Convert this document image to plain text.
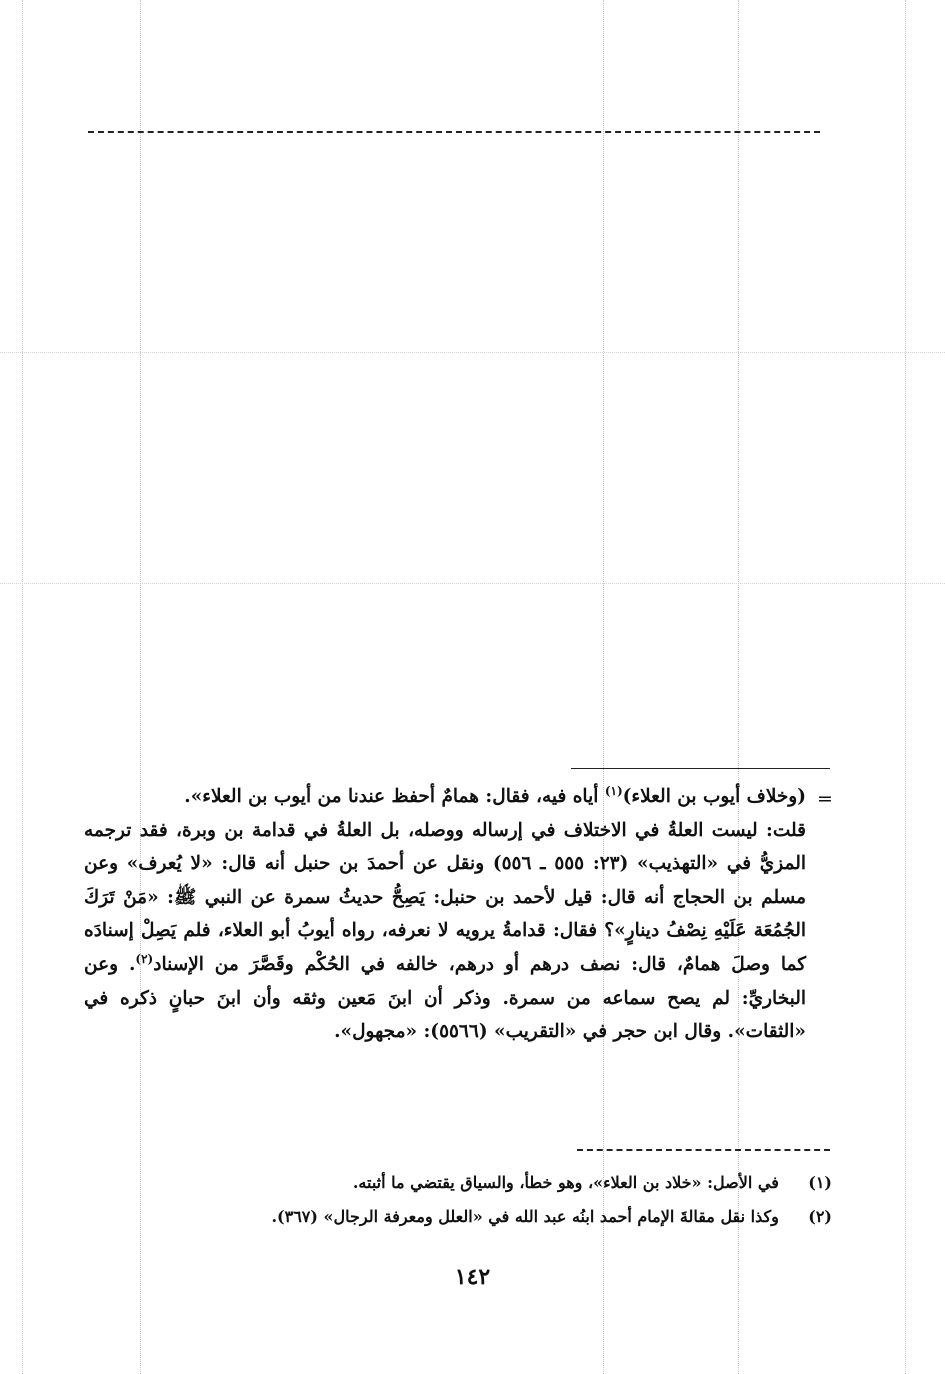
=

(وخلاف أيوب بن العلاء)$^{(١)}$ أياه فيه، فقال: همامٌ أحفظ عندنا من أيوب بن العلاء».

قلت: ليست العلةُ في الاختلاف في إرساله ووصله، بل العلةُ في قدامة بن وبرة، فقد ترجمه المزيُّ في «التهذيب» (٢٣: ٥٥٥ ـ ٥٥٦) ونقل عن أحمدَ بن حنبل أنه قال: «لا يُعرف» وعن مسلم بن الحجاج أنه قال: قيل لأحمد بن حنبل: يَصِحُّ حديثُ سمرة عن النبي ﷺ: «مَنْ تَرَكَ الجُمُعَة عَلَيْهِ نِصْفُ دينارٍ»؟ فقال: قدامةُ يرويه لا نعرفه، رواه أيوبُ أبو العلاء، فلم يَصِلْ إسنادَه كما وصلَ همامٌ، قال: نصف درهم أو درهم، خالفه في الحُكْم وقَصَّرَ من الإسناد$^{(٢)}$. وعن البخاريِّ: لم يصح سماعه من سمرة. وذكر أن ابنَ مَعين وثقه وأن ابنَ حبانٍ ذكره في «الثقات». وقال ابن حجر في «التقريب» (٥٥٦٦): «مجهول».

(١)  في الأصل: «خلاد بن العلاء»، وهو خطأ، والسياق يقتضي ما أثبته.
(٢)  وكذا نقل مقالةَ الإمام أحمد ابنُه عبد الله في «العلل ومعرفة الرجال» (٣٦٧).
١٤٢
